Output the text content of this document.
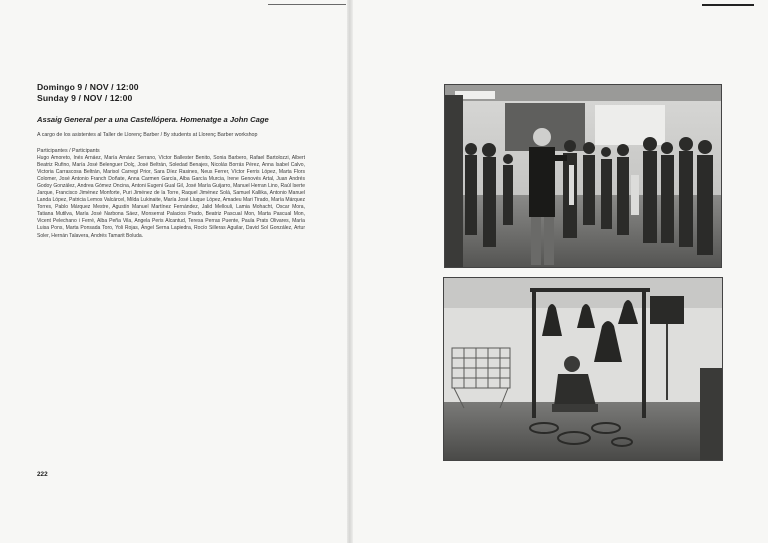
Domingo 9 / NOV / 12:00
Sunday 9 / NOV / 12:00
Assaig General per a una Castellópera. Homenatge a John Cage
A cargo de los asistentes al Taller de Llorenç Barber / By students at Llorenç Barber workshop
Participantes / Participants
Hugo Amoreto, Inés Arnáez, María Arnáez Serrano, Víctor Ballester Benito, Sonia Barbero, Rafael Bartolozzi, Albert Beatriz Rufino, María José Belenguer Dolç, José Beltrán, Soledad Benajes, Nicolás Borrás Pérez, Anna Isabel Calvo, Victoria Carrascosa Beltrán, Marisol Carregi Prior, Sara Díez Rasines, Neus Ferrer, Víctor Ferris López, Marta Flors Colomer, José Antonio Franch Doñate, Anna Carmen García, Alba García Murcia, Irene Genovés Artal, Juan Andrés Godoy González, Andrea Gómez Oncina, Antoni Eugeni Gual Gil, José María Guijarro, Manuel Herran Lino, Raúl Iserte Jarque, Francisco Jiménez Monforte, Puri Jiménez de la Torre, Raquel Jiménez Solá, Samuel Kallika, Antonio Manuel Landa López, Patricia Lemos Valcárcel, Milda Lukinaite, María José Lluque López, Amadeu Mari Tirado, María Márquez Torres, Pablo Márquez Mestre, Agustín Manuel Martínez Fernández, Jalid Mellouli, Lamia Mohacht, Oscar Mora, Tatiana Mutilva, María José Narbona Sáez, Monserrat Palacios Prado, Beatriz Pascual Mon, Marta Pascual Mon, Vicent Pelechano i Ferré, Alba Peña Vila, Angela Peris Alcantud, Teresa Perras Puente, Paula Prats Olivares, María Luisa Pons, Marta Ponsada Toro, Yoli Rojas, Ángel Serna Lapiedra, Rocío Silleras Aguilar, David Sol González, Artur Soler, Hernán Talavera, Andrés Tamarit Boluda.
222
